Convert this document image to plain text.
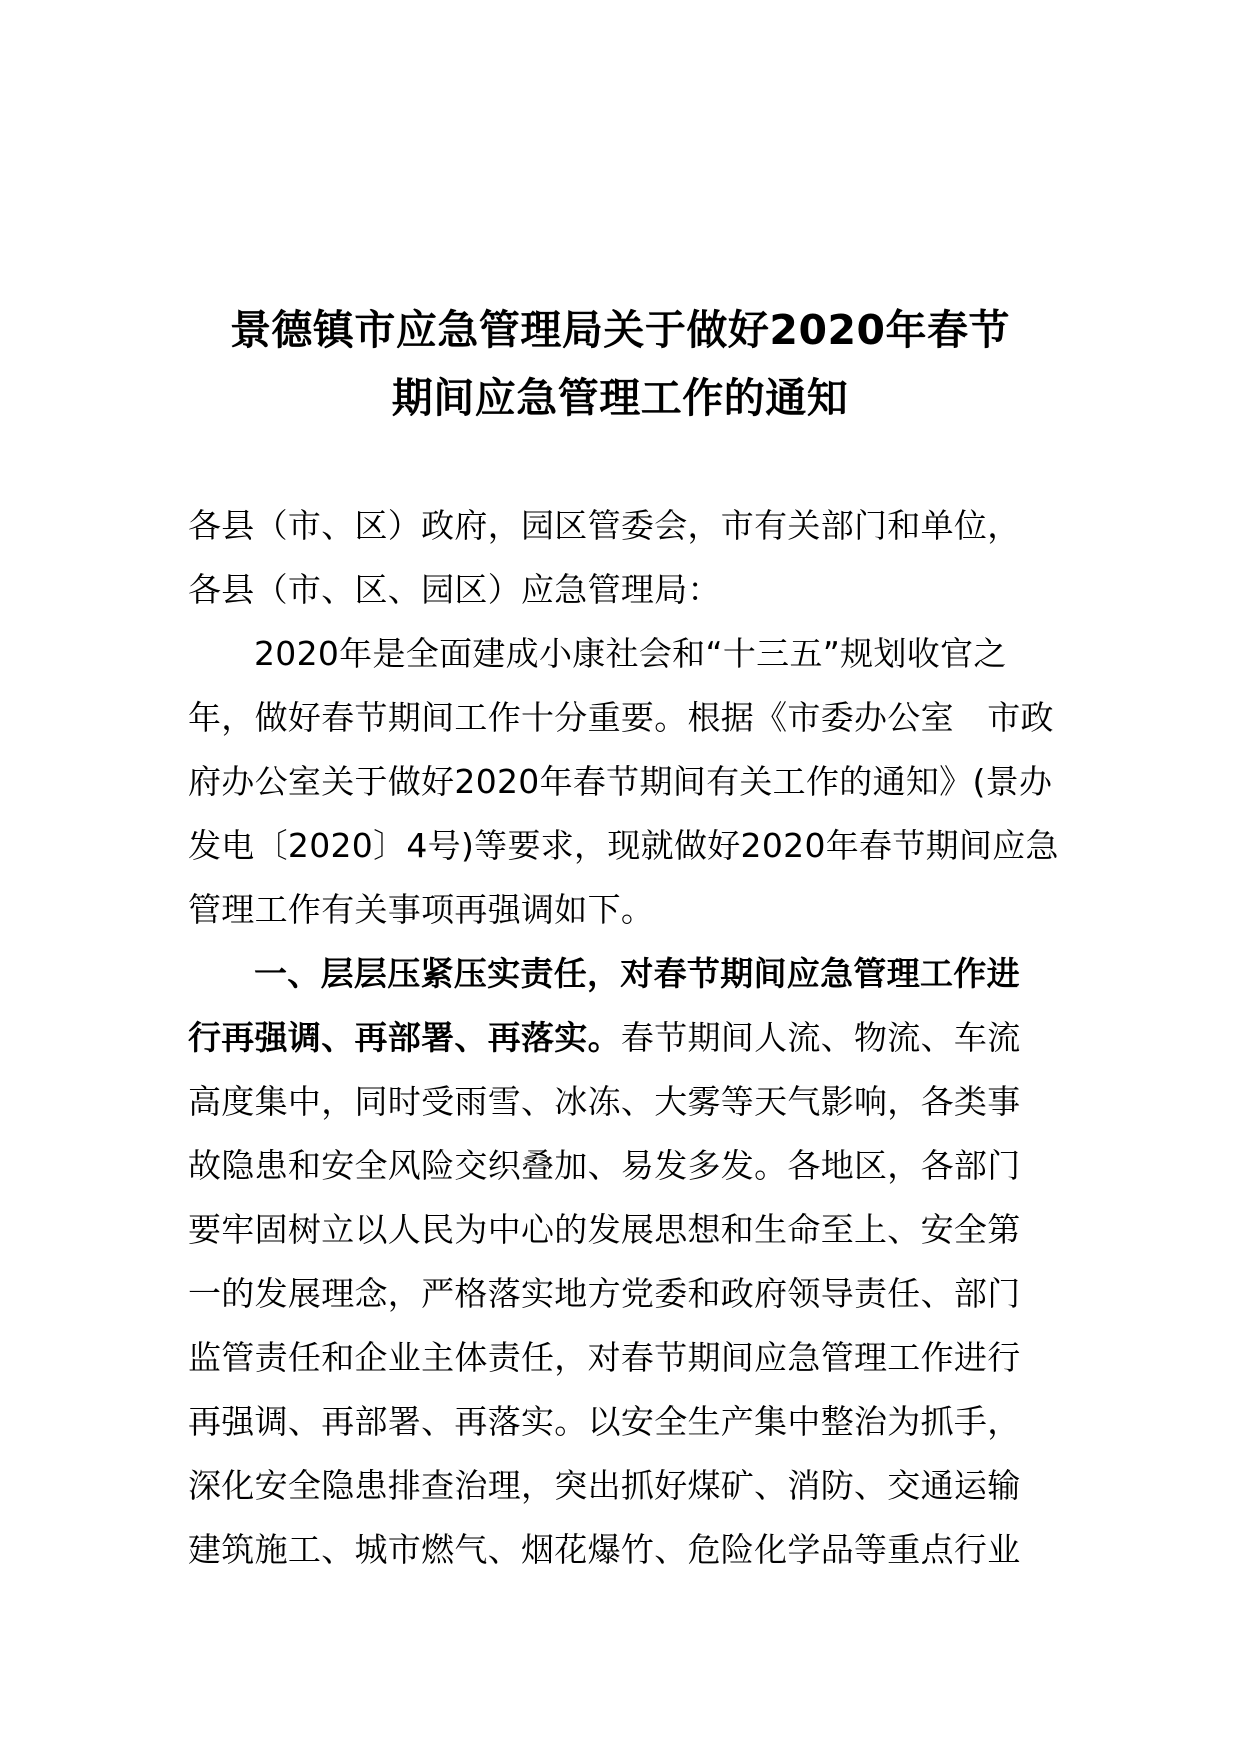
景德镇市应急管理局关于做好2020年春节
期间应急管理工作的通知
各县（市、区）政府，园区管委会，市有关部门和单位，
各县（市、区、园区）应急管理局：
2020年是全面建成小康社会和“十三五”规划收官之
年，做好春节期间工作十分重要。根据《市委办公室　市政
府办公室关于做好2020年春节期间有关工作的通知》(景办
发电〔2020〕4号)等要求，现就做好2020年春节期间应急
管理工作有关事项再强调如下。
一、层层压紧压实责任，对春节期间应急管理工作进
行再强调、再部署、再落实。春节期间人流、物流、车流
高度集中，同时受雨雪、冰冻、大雾等天气影响，各类事
故隐患和安全风险交织叠加、易发多发。各地区，各部门
要牢固树立以人民为中心的发展思想和生命至上、安全第
一的发展理念，严格落实地方党委和政府领导责任、部门
监管责任和企业主体责任，对春节期间应急管理工作进行
再强调、再部署、再落实。以安全生产集中整治为抓手，
深化安全隐患排查治理，突出抓好煤矿、消防、交通运输
建筑施工、城市燃气、烟花爆竹、危险化学品等重点行业
